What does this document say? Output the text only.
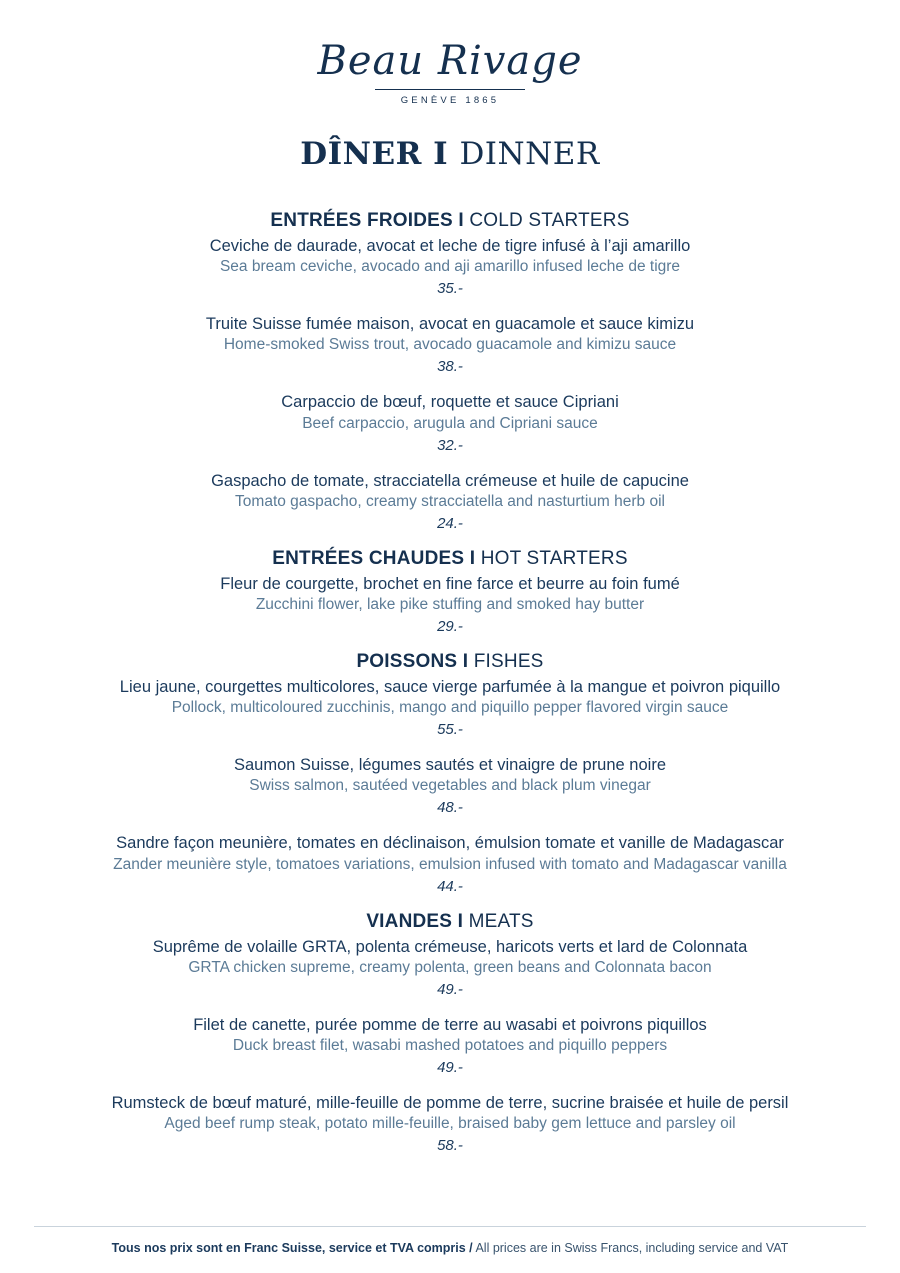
Beau Rivage
GENÈVE 1865
DÎNER I DINNER
ENTRÉES FROIDES I COLD STARTERS
Ceviche de daurade, avocat et leche de tigre infusé à l’aji amarillo
Sea bream ceviche, avocado and aji amarillo infused leche de tigre
35.-
Truite Suisse fumée maison, avocat en guacamole et sauce kimizu
Home-smoked Swiss trout, avocado guacamole and kimizu sauce
38.-
Carpaccio de bœuf, roquette et sauce Cipriani
Beef carpaccio, arugula and Cipriani sauce
32.-
Gaspacho de tomate, stracciatella crémeuse et huile de capucine
Tomato gaspacho, creamy stracciatella and nasturtium herb oil
24.-
ENTRÉES CHAUDES I HOT STARTERS
Fleur de courgette, brochet en fine farce et beurre au foin fumé
Zucchini flower, lake pike stuffing and smoked hay butter
29.-
POISSONS I FISHES
Lieu jaune, courgettes multicolores, sauce vierge parfumée à la mangue et poivron piquillo
Pollock, multicoloured zucchinis, mango and piquillo pepper flavored virgin sauce
55.-
Saumon Suisse, légumes sautés et vinaigre de prune noire
Swiss salmon, sautéed vegetables and black plum vinegar
48.-
Sandre façon meunière, tomates en déclinaison, émulsion tomate et vanille de Madagascar
Zander meunière style, tomatoes variations, emulsion infused with tomato and Madagascar vanilla
44.-
VIANDES I MEATS
Suprême de volaille GRTA, polenta crémeuse, haricots verts et lard de Colonnata
GRTA chicken supreme, creamy polenta, green beans and Colonnata bacon
49.-
Filet de canette, purée pomme de terre au wasabi et poivrons piquillos
Duck breast filet, wasabi mashed potatoes and piquillo peppers
49.-
Rumsteck de bœuf maturé, mille-feuille de pomme de terre, sucrine braisée et huile de persil
Aged beef rump steak, potato mille-feuille, braised baby gem lettuce and parsley oil
58.-
Tous nos prix sont en Franc Suisse, service et TVA compris / All prices are in Swiss Francs, including service and VAT
